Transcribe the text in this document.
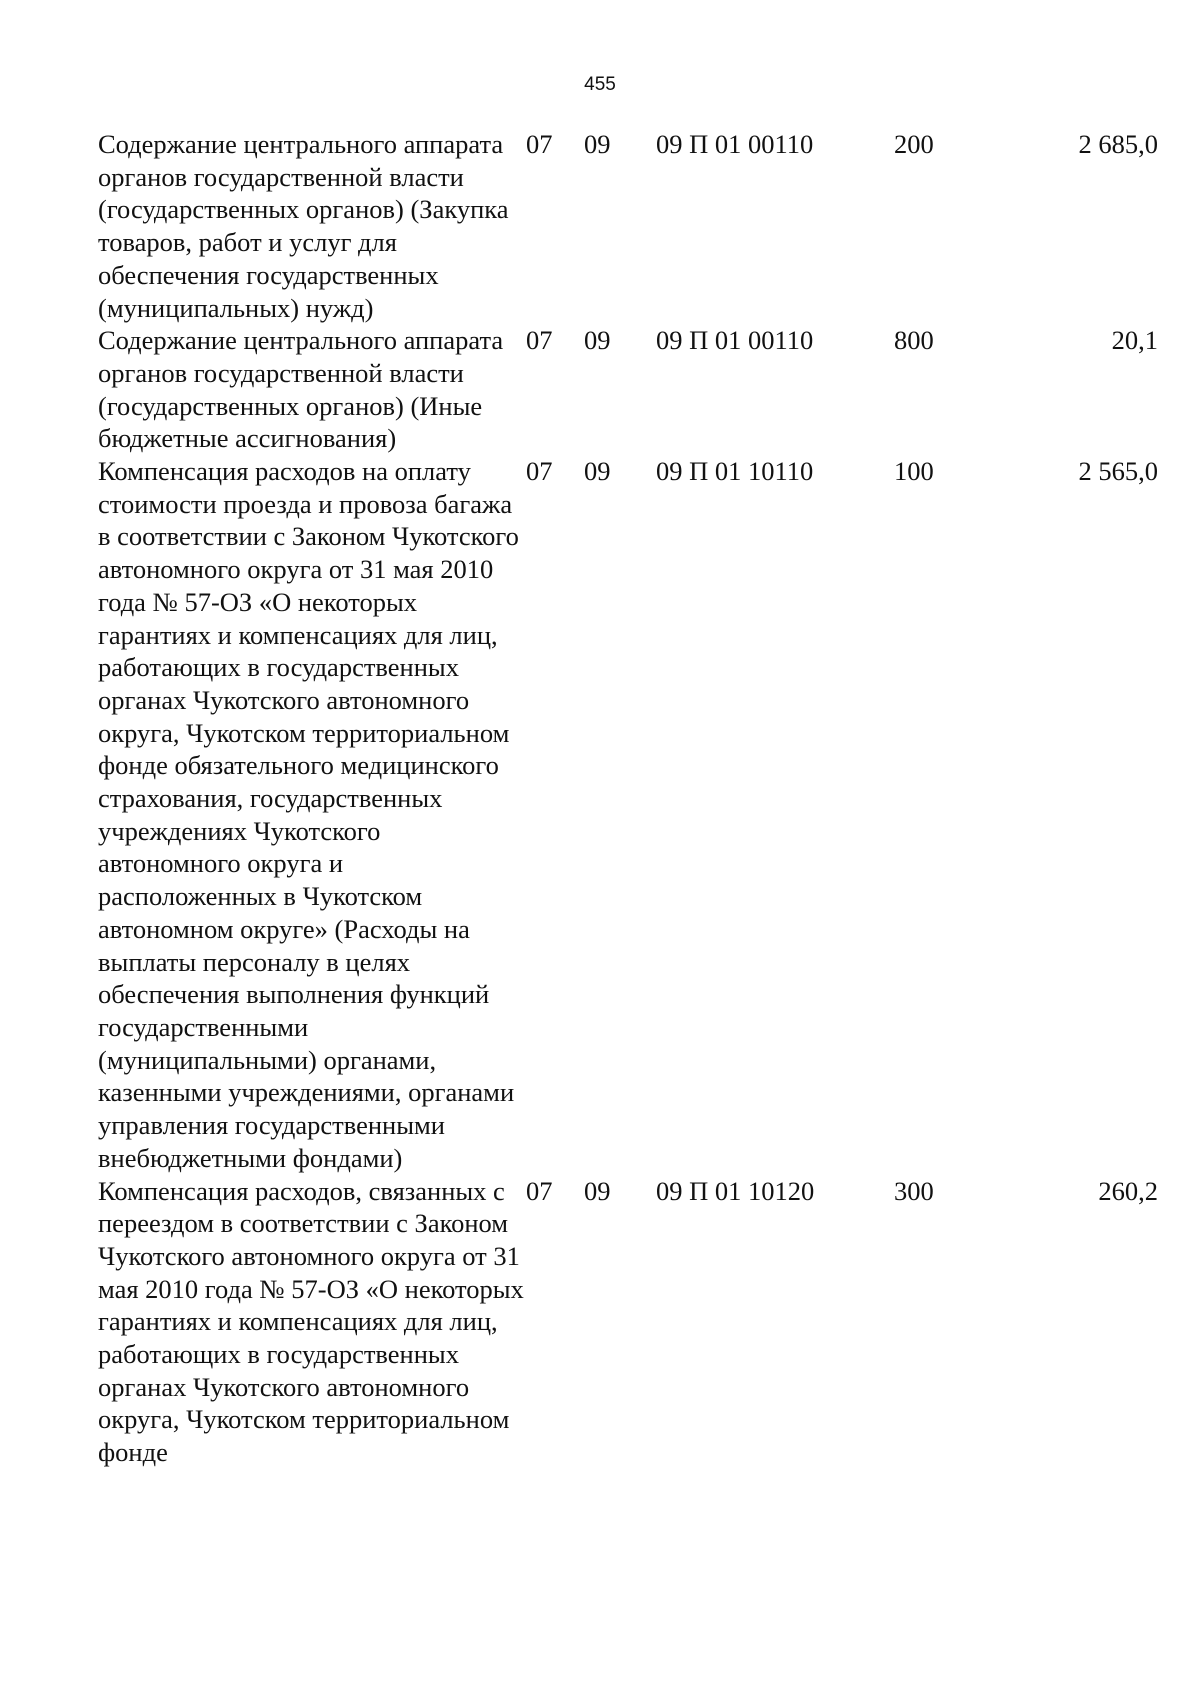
455
Содержание центрального аппарата органов государственной власти (государственных органов) (Закупка товаров, работ и услуг для обеспечения государственных (муниципальных) нужд)	07	09	09 П 01 00110	200	2 685,0

Содержание центрального аппарата органов государственной власти (государственных органов) (Иные бюджетные ассигнования)	07	09	09 П 01 00110	800	20,1

Компенсация расходов на оплату стоимости проезда и провоза багажа в соответствии с Законом Чукотского автономного округа от 31 мая 2010 года № 57-ОЗ «О некоторых гарантиях и компенсациях для лиц, работающих в государственных органах Чукотского автономного округа, Чукотском территориальном фонде обязательного медицинского страхования, государственных учреждениях Чукотского автономного округа и расположенных в Чукотском автономном округе» (Расходы на выплаты персоналу в целях обеспечения выполнения функций государственными (муниципальными) органами, казенными учреждениями, органами управления государственными внебюджетными фондами)	07	09	09 П 01 10110	100	2 565,0

Компенсация расходов, связанных с переездом в соответствии с Законом Чукотского автономного округа от 31 мая 2010 года № 57-ОЗ «О некоторых гарантиях и компенсациях для лиц, работающих в государственных органах Чукотского автономного округа, Чукотском территориальном фонде	07	09	09 П 01 10120	300	260,2
